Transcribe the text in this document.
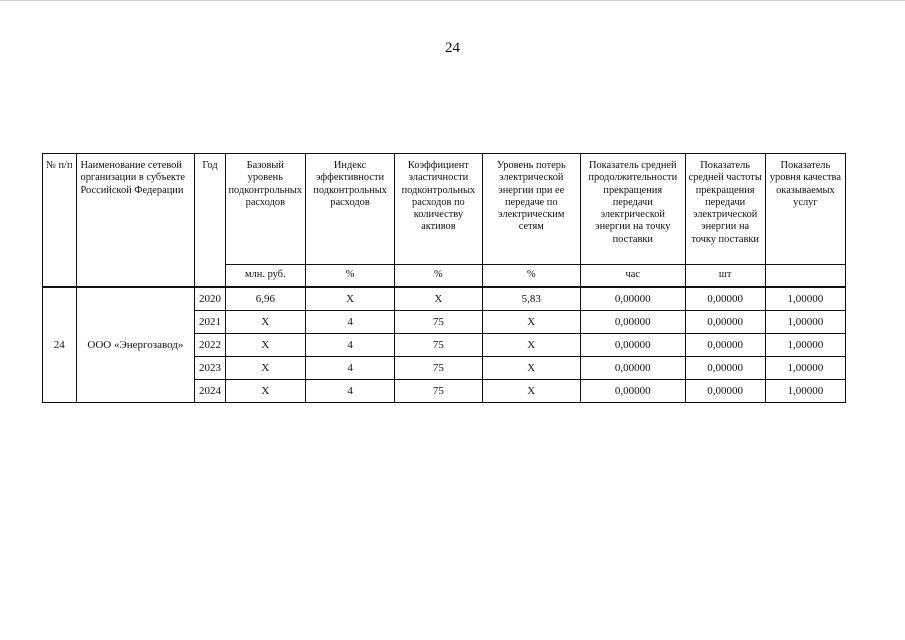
24
№ п/п	Наименование сетевой организации в субъекте Российской Федерации	Год	Базовый уровень подконтрольных расходов	Индекс эффективности подконтрольных расходов	Коэффициент эластичности подконтрольных расходов по количеству активов	Уровень потерь электрической энергии при ее передаче по электрическим сетям	Показатель средней продолжительности прекращения передачи электрической энергии на точку поставки	Показатель средней частоты прекращения передачи электрической энергии на точку поставки	Показатель уровня качества оказываемых услуг
			млн. руб.	%	%	%	час	шт	
24	ООО «Энергозавод»	2020	6,96	X	X	5,83	0,00000	0,00000	1,00000
		2021	X	4	75	X	0,00000	0,00000	1,00000
		2022	X	4	75	X	0,00000	0,00000	1,00000
		2023	X	4	75	X	0,00000	0,00000	1,00000
		2024	X	4	75	X	0,00000	0,00000	1,00000
